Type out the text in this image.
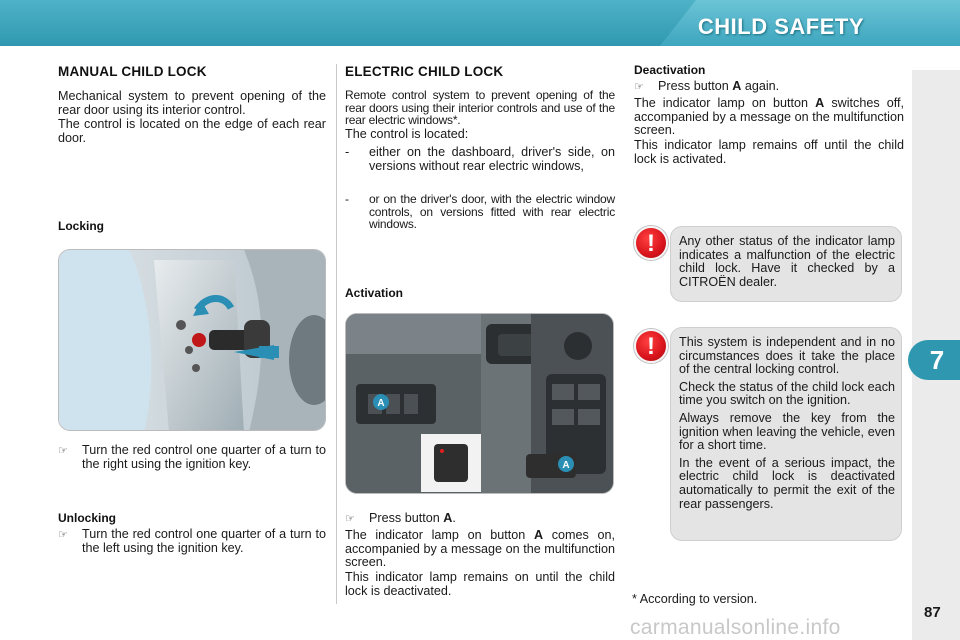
CHILD SAFETY
7
MANUAL CHILD LOCK
Mechanical system to prevent opening of the rear door using its interior control.
The control is located on the edge of each rear door.
Locking
☞	Turn the red control one quarter of a turn to the right using the ignition key.
Unlocking
☞	Turn the red control one quarter of a turn to the left using the ignition key.
ELECTRIC CHILD LOCK
Remote control system to prevent opening of the rear doors using their interior controls and use of the rear electric windows*.
The control is located:
-	either on the dashboard, driver's side, on versions without rear electric windows,
-	or on the driver's door, with the electric window controls, on versions fitted with rear electric windows.
Activation
A
A
☞	Press button A.
The indicator lamp on button A comes on, accompanied by a message on the multifunction screen.
This indicator lamp remains on until the child lock is deactivated.
Deactivation
☞	Press button A again.
The indicator lamp on button A switches off, accompanied by a message on the multifunction screen.
This indicator lamp remains off until the child lock is activated.
!	Any other status of the indicator lamp indicates a malfunction of the electric child lock. Have it checked by a CITROËN dealer.
!	This system is independent and in no circumstances does it take the place of the central locking control.
Check the status of the child lock each time you switch on the ignition.
Always remove the key from the ignition when leaving the vehicle, even for a short time.
In the event of a serious impact, the electric child lock is deactivated automatically to permit the exit of the rear passengers.
* According to version.
87
carmanualsonline.info
